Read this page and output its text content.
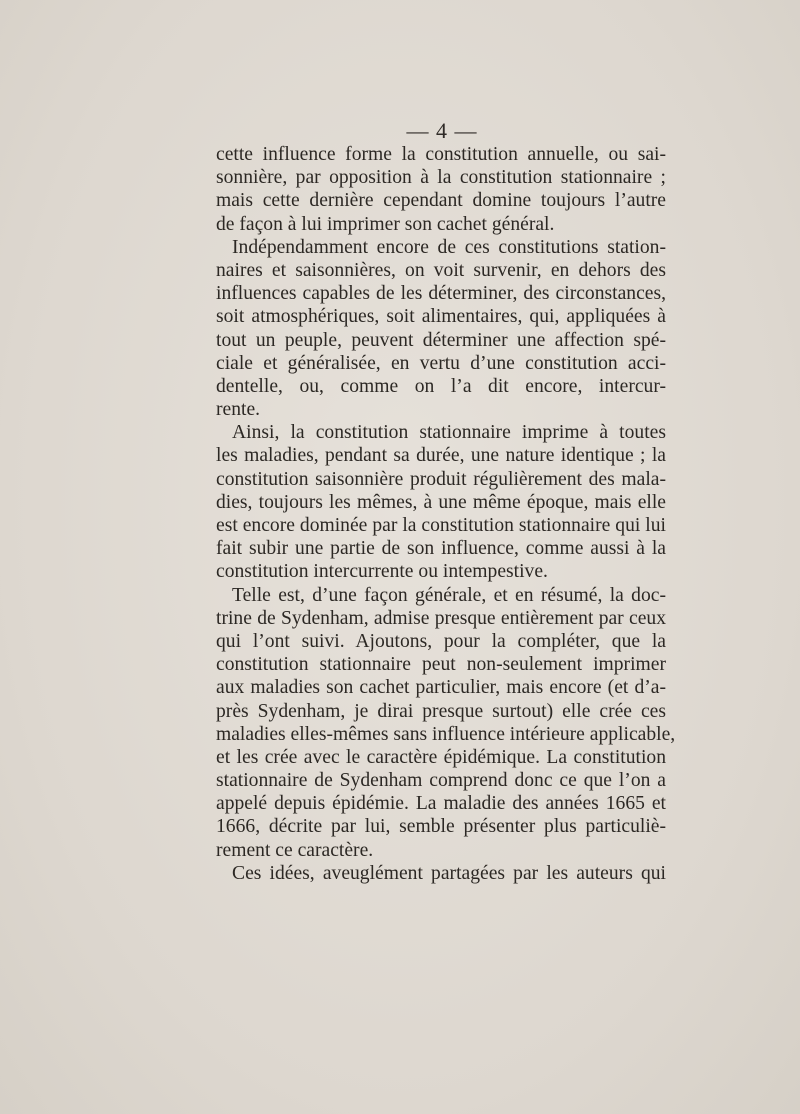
— 4 —
cette influence forme la constitution annuelle, ou sai-
sonnière, par opposition à la constitution stationnaire ;
mais cette dernière cependant domine toujours l’autre
de façon à lui imprimer son cachet général.
Indépendamment encore de ces constitutions station-
naires et saisonnières, on voit survenir, en dehors des
influences capables de les déterminer, des circonstances,
soit atmosphériques, soit alimentaires, qui, appliquées à
tout un peuple, peuvent déterminer une affection spé-
ciale et généralisée, en vertu d’une constitution acci-
dentelle, ou, comme on l’a dit encore, intercur-
rente.
Ainsi, la constitution stationnaire imprime à toutes
les maladies, pendant sa durée, une nature identique ; la
constitution saisonnière produit régulièrement des mala-
dies, toujours les mêmes, à une même époque, mais elle
est encore dominée par la constitution stationnaire qui lui
fait subir une partie de son influence, comme aussi à la
constitution intercurrente ou intempestive.
Telle est, d’une façon générale, et en résumé, la doc-
trine de Sydenham, admise presque entièrement par ceux
qui l’ont suivi. Ajoutons, pour la compléter, que la
constitution stationnaire peut non-seulement imprimer
aux maladies son cachet particulier, mais encore (et d’a-
près Sydenham, je dirai presque surtout) elle crée ces
maladies elles-mêmes sans influence intérieure applicable,
et les crée avec le caractère épidémique. La constitution
stationnaire de Sydenham comprend donc ce que l’on a
appelé depuis épidémie. La maladie des années 1665 et
1666, décrite par lui, semble présenter plus particuliè-
rement ce caractère.
Ces idées, aveuglément partagées par les auteurs qui
